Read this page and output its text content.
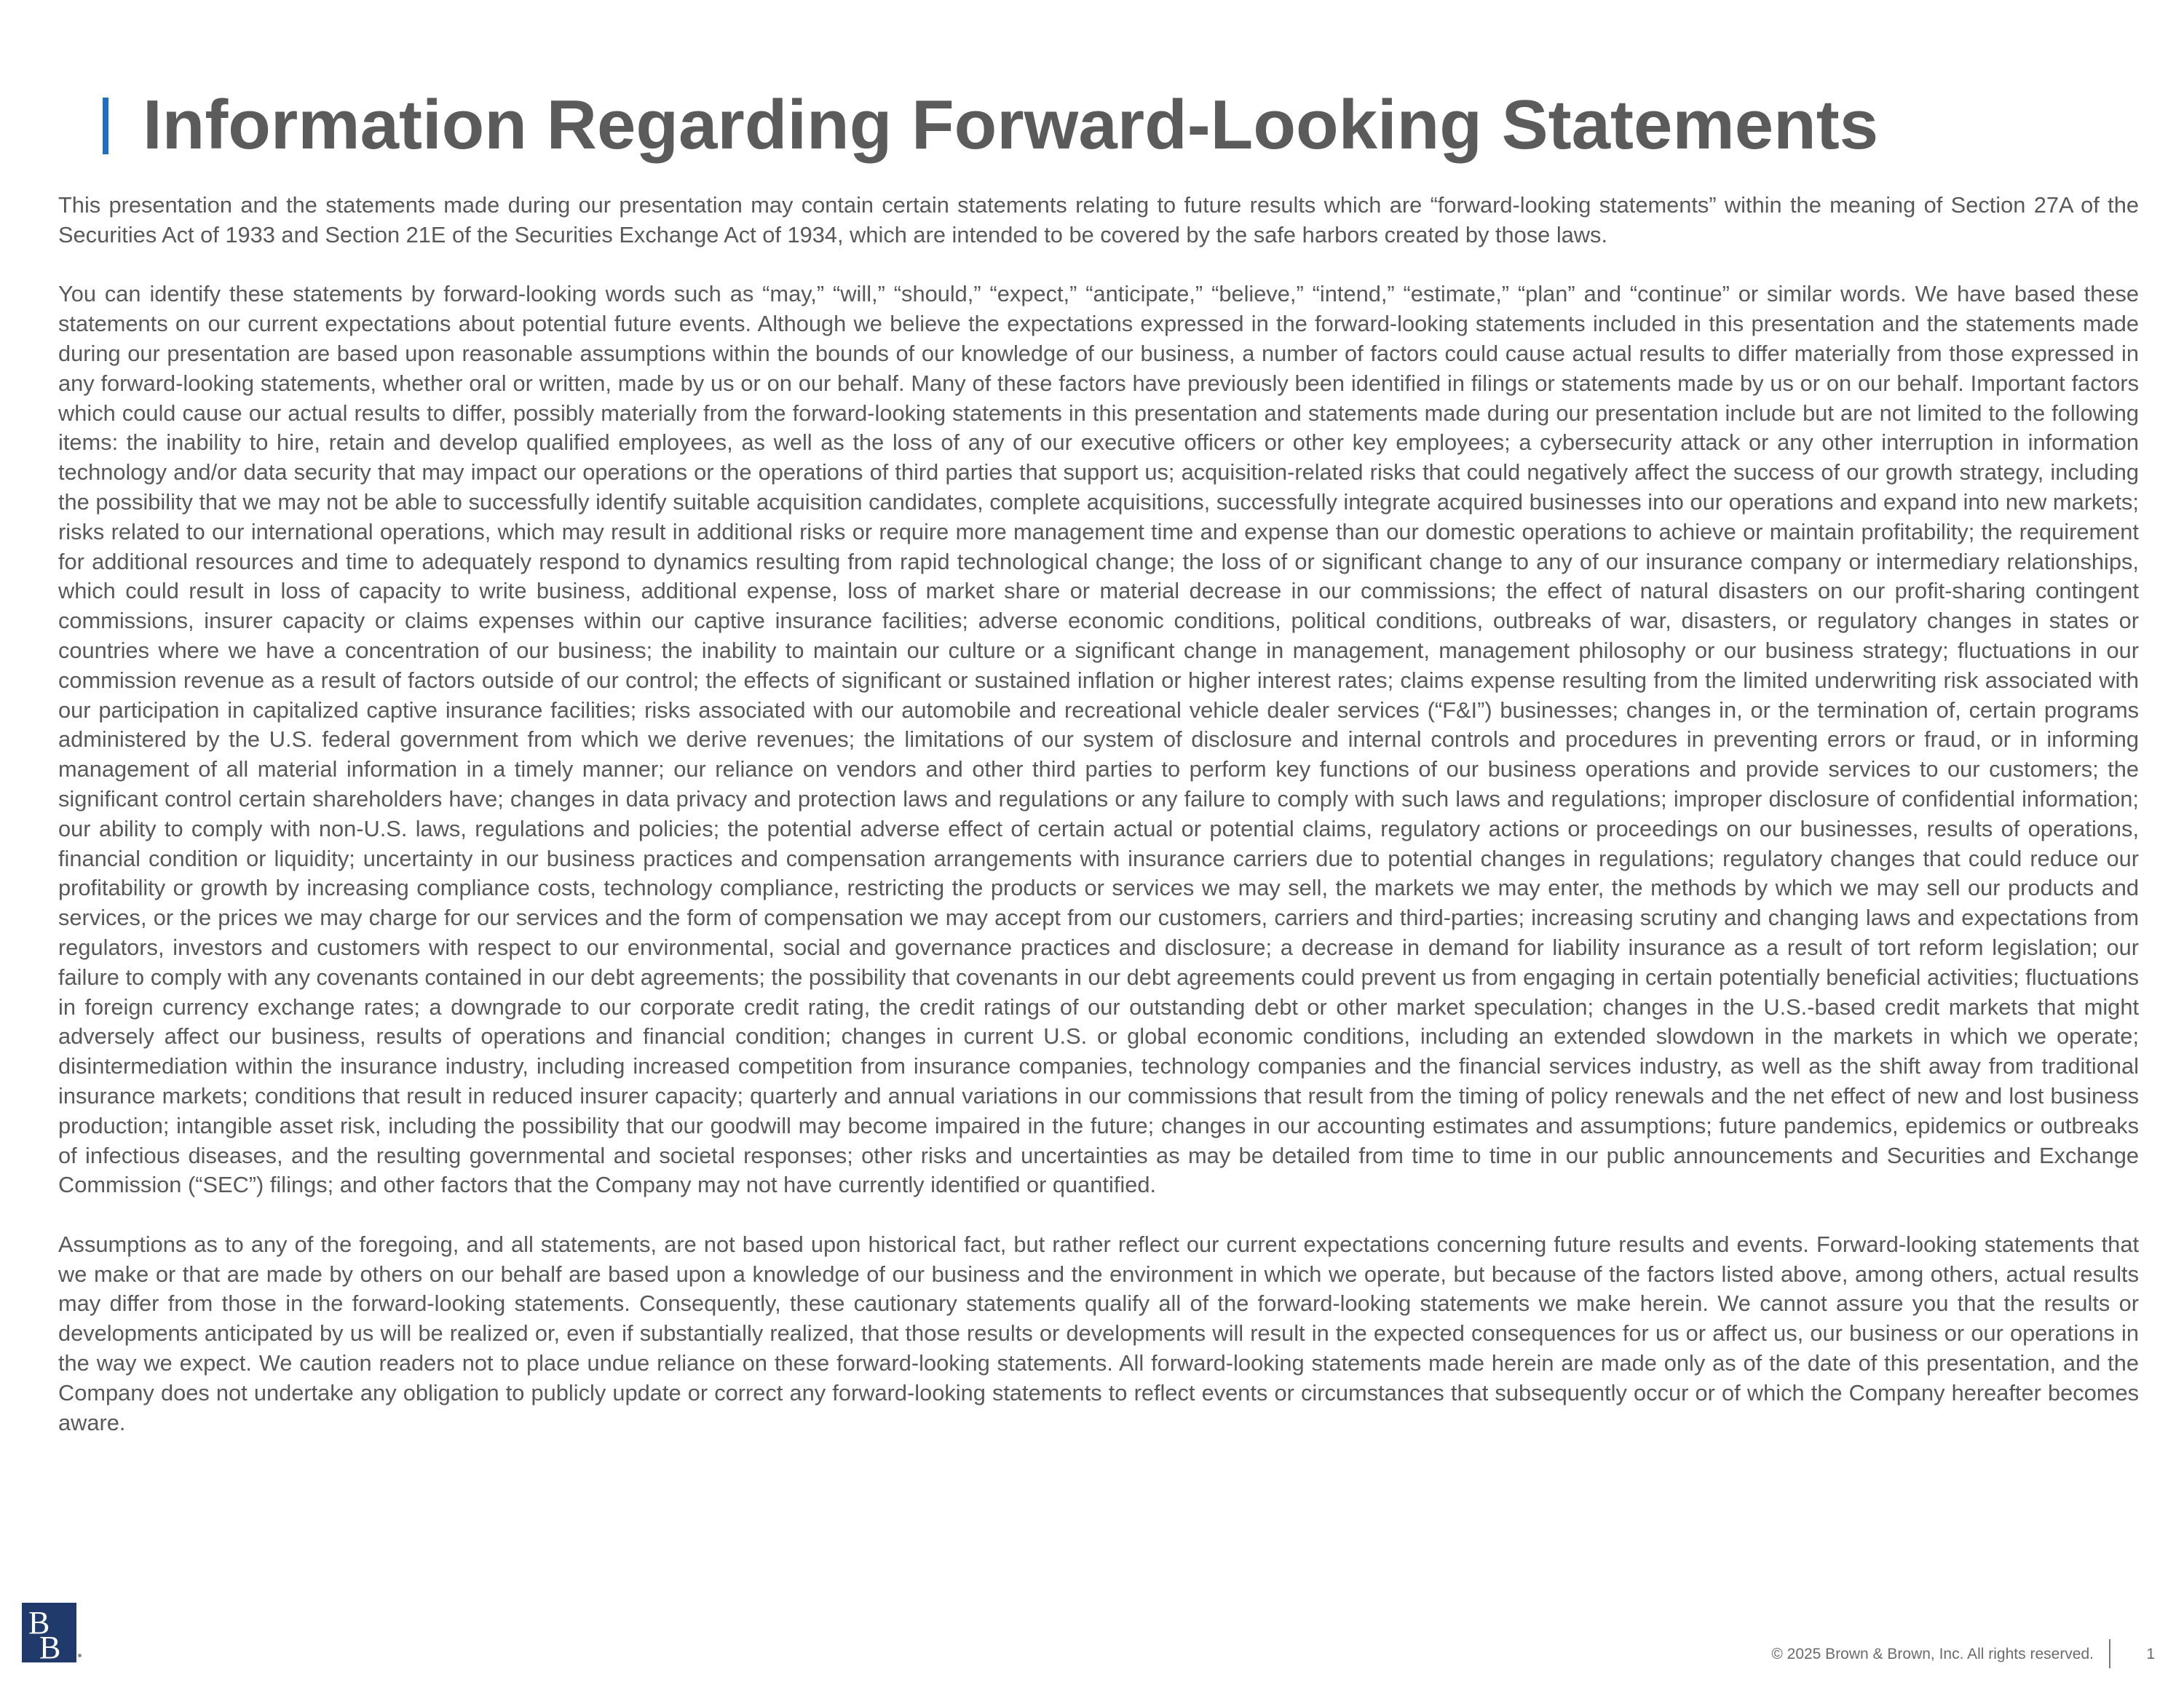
Information Regarding Forward-Looking Statements

This presentation and the statements made during our presentation may contain certain statements relating to future results which are “forward-looking statements” within the meaning of Section 27A of the Securities Act of 1933 and Section 21E of the Securities Exchange Act of 1934, which are intended to be covered by the safe harbors created by those laws.

You can identify these statements by forward-looking words such as “may,” “will,” “should,” “expect,” “anticipate,” “believe,” “intend,” “estimate,” “plan” and “continue” or similar words. We have based these statements on our current expectations about potential future events. Although we believe the expectations expressed in the forward-looking statements included in this presentation and the statements made during our presentation are based upon reasonable assumptions within the bounds of our knowledge of our business, a number of factors could cause actual results to differ materially from those expressed in any forward-looking statements, whether oral or written, made by us or on our behalf. Many of these factors have previously been identified in filings or statements made by us or on our behalf. Important factors which could cause our actual results to differ, possibly materially from the forward-looking statements in this presentation and statements made during our presentation include but are not limited to the following items: the inability to hire, retain and develop qualified employees, as well as the loss of any of our executive officers or other key employees; a cybersecurity attack or any other interruption in information technology and/or data security that may impact our operations or the operations of third parties that support us; acquisition-related risks that could negatively affect the success of our growth strategy, including the possibility that we may not be able to successfully identify suitable acquisition candidates, complete acquisitions, successfully integrate acquired businesses into our operations and expand into new markets; risks related to our international operations, which may result in additional risks or require more management time and expense than our domestic operations to achieve or maintain profitability; the requirement for additional resources and time to adequately respond to dynamics resulting from rapid technological change; the loss of or significant change to any of our insurance company or intermediary relationships, which could result in loss of capacity to write business, additional expense, loss of market share or material decrease in our commissions; the effect of natural disasters on our profit-sharing contingent commissions, insurer capacity or claims expenses within our captive insurance facilities; adverse economic conditions, political conditions, outbreaks of war, disasters, or regulatory changes in states or countries where we have a concentration of our business; the inability to maintain our culture or a significant change in management, management philosophy or our business strategy; fluctuations in our commission revenue as a result of factors outside of our control; the effects of significant or sustained inflation or higher interest rates; claims expense resulting from the limited underwriting risk associated with our participation in capitalized captive insurance facilities; risks associated with our automobile and recreational vehicle dealer services (“F&I”) businesses; changes in, or the termination of, certain programs administered by the U.S. federal government from which we derive revenues; the limitations of our system of disclosure and internal controls and procedures in preventing errors or fraud, or in informing management of all material information in a timely manner; our reliance on vendors and other third parties to perform key functions of our business operations and provide services to our customers; the significant control certain shareholders have; changes in data privacy and protection laws and regulations or any failure to comply with such laws and regulations; improper disclosure of confidential information; our ability to comply with non-U.S. laws, regulations and policies; the potential adverse effect of certain actual or potential claims, regulatory actions or proceedings on our businesses, results of operations, financial condition or liquidity; uncertainty in our business practices and compensation arrangements with insurance carriers due to potential changes in regulations; regulatory changes that could reduce our profitability or growth by increasing compliance costs, technology compliance, restricting the products or services we may sell, the markets we may enter, the methods by which we may sell our products and services, or the prices we may charge for our services and the form of compensation we may accept from our customers, carriers and third-parties; increasing scrutiny and changing laws and expectations from regulators, investors and customers with respect to our environmental, social and governance practices and disclosure; a decrease in demand for liability insurance as a result of tort reform legislation; our failure to comply with any covenants contained in our debt agreements; the possibility that covenants in our debt agreements could prevent us from engaging in certain potentially beneficial activities; fluctuations in foreign currency exchange rates; a downgrade to our corporate credit rating, the credit ratings of our outstanding debt or other market speculation; changes in the U.S.-based credit markets that might adversely affect our business, results of operations and financial condition; changes in current U.S. or global economic conditions, including an extended slowdown in the markets in which we operate; disintermediation within the insurance industry, including increased competition from insurance companies, technology companies and the financial services industry, as well as the shift away from traditional insurance markets; conditions that result in reduced insurer capacity; quarterly and annual variations in our commissions that result from the timing of policy renewals and the net effect of new and lost business production; intangible asset risk, including the possibility that our goodwill may become impaired in the future; changes in our accounting estimates and assumptions; future pandemics, epidemics or outbreaks of infectious diseases, and the resulting governmental and societal responses; other risks and uncertainties as may be detailed from time to time in our public announcements and Securities and Exchange Commission (“SEC”) filings; and other factors that the Company may not have currently identified or quantified.

Assumptions as to any of the foregoing, and all statements, are not based upon historical fact, but rather reflect our current expectations concerning future results and events. Forward-looking statements that we make or that are made by others on our behalf are based upon a knowledge of our business and the environment in which we operate, but because of the factors listed above, among others, actual results may differ from those in the forward-looking statements. Consequently, these cautionary statements qualify all of the forward-looking statements we make herein. We cannot assure you that the results or developments anticipated by us will be realized or, even if substantially realized, that those results or developments will result in the expected consequences for us or affect us, our business or our operations in the way we expect. We caution readers not to place undue reliance on these forward-looking statements. All forward-looking statements made herein are made only as of the date of this presentation, and the Company does not undertake any obligation to publicly update or correct any forward-looking statements to reflect events or circumstances that subsequently occur or of which the Company hereafter becomes aware.

B
B	© 2025 Brown & Brown, Inc. All rights reserved.	1
